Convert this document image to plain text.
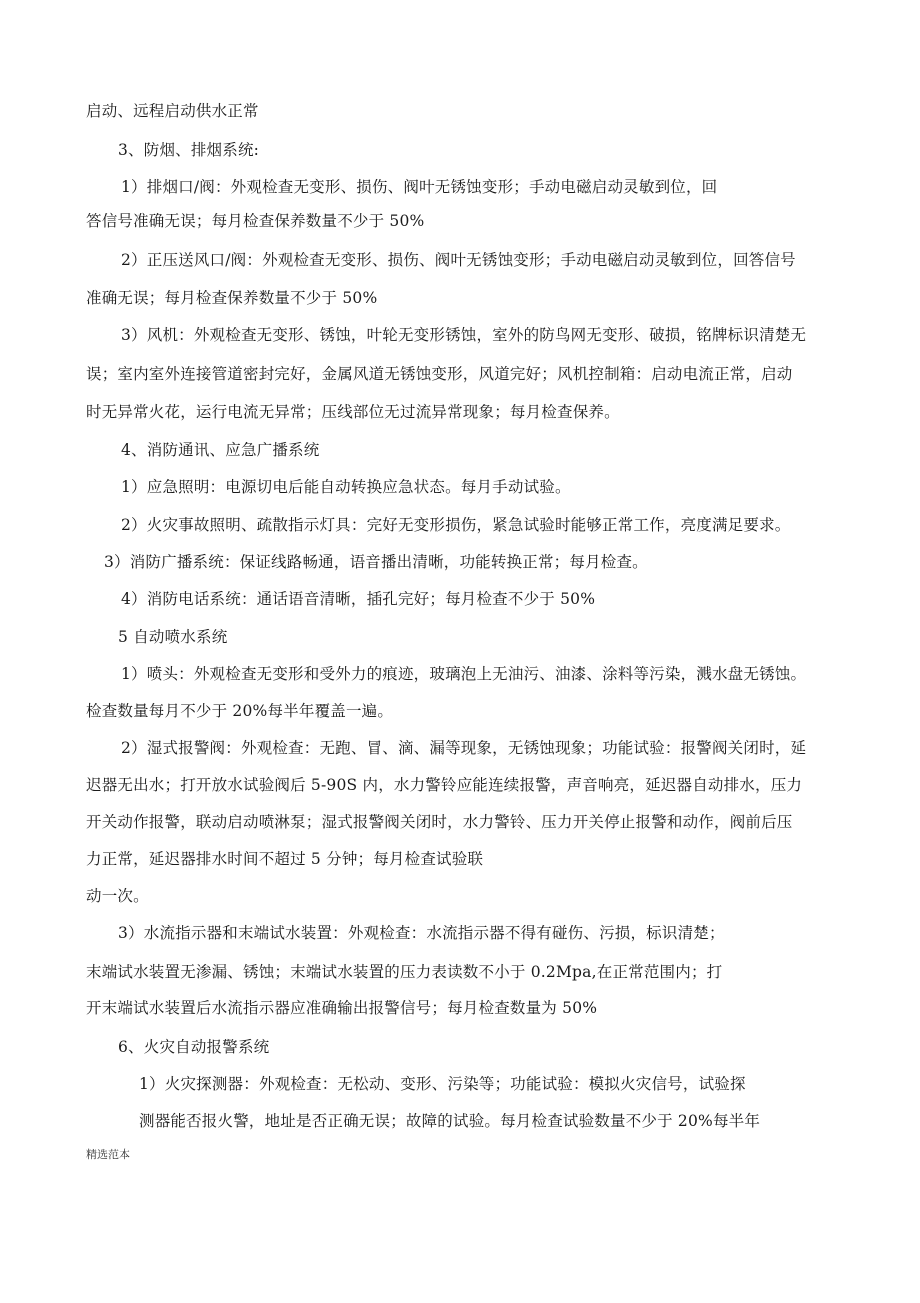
启动、远程启动供水正常
3、防烟、排烟系统:
1）排烟口/阀：外观检查无变形、损伤、阀叶无锈蚀变形；手动电磁启动灵敏到位，回
答信号准确无误；每月检查保养数量不少于 50%
2）正压送风口/阀：外观检查无变形、损伤、阀叶无锈蚀变形；手动电磁启动灵敏到位，回答信号
准确无误；每月检查保养数量不少于 50%
3）风机：外观检查无变形、锈蚀，叶轮无变形锈蚀，室外的防鸟网无变形、破损，铭牌标识清楚无
误；室内室外连接管道密封完好，金属风道无锈蚀变形，风道完好；风机控制箱：启动电流正常，启动
时无异常火花，运行电流无异常；压线部位无过流异常现象；每月检查保养。
4、消防通讯、应急广播系统
1）应急照明：电源切电后能自动转换应急状态。每月手动试验。
2）火灾事故照明、疏散指示灯具：完好无变形损伤，紧急试验时能够正常工作，亮度满足要求。
3）消防广播系统：保证线路畅通，语音播出清晰，功能转换正常；每月检查。
4）消防电话系统：通话语音清晰，插孔完好；每月检查不少于 50%
5 自动喷水系统
1）喷头：外观检查无变形和受外力的痕迹，玻璃泡上无油污、油漆、涂料等污染，溅水盘无锈蚀。
检查数量每月不少于 20%每半年覆盖一遍。
2）湿式报警阀：外观检查：无跑、冒、滴、漏等现象，无锈蚀现象；功能试验：报警阀关闭时，延
迟器无出水；打开放水试验阀后 5-90S 内，水力警铃应能连续报警，声音响亮，延迟器自动排水，压力
开关动作报警，联动启动喷淋泵；湿式报警阀关闭时，水力警铃、压力开关停止报警和动作，阀前后压
力正常，延迟器排水时间不超过 5 分钟；每月检查试验联
动一次。
3）水流指示器和末端试水装置：外观检查：水流指示器不得有碰伤、污损，标识清楚；
末端试水装置无渗漏、锈蚀；末端试水装置的压力表读数不小于 0.2Mpa,在正常范围内；打
开末端试水装置后水流指示器应准确输出报警信号；每月检查数量为 50%
6、火灾自动报警系统
1）火灾探测器：外观检查：无松动、变形、污染等；功能试验：模拟火灾信号，试验探
测器能否报火警，地址是否正确无误；故障的试验。每月检查试验数量不少于 20%每半年
精选范本
